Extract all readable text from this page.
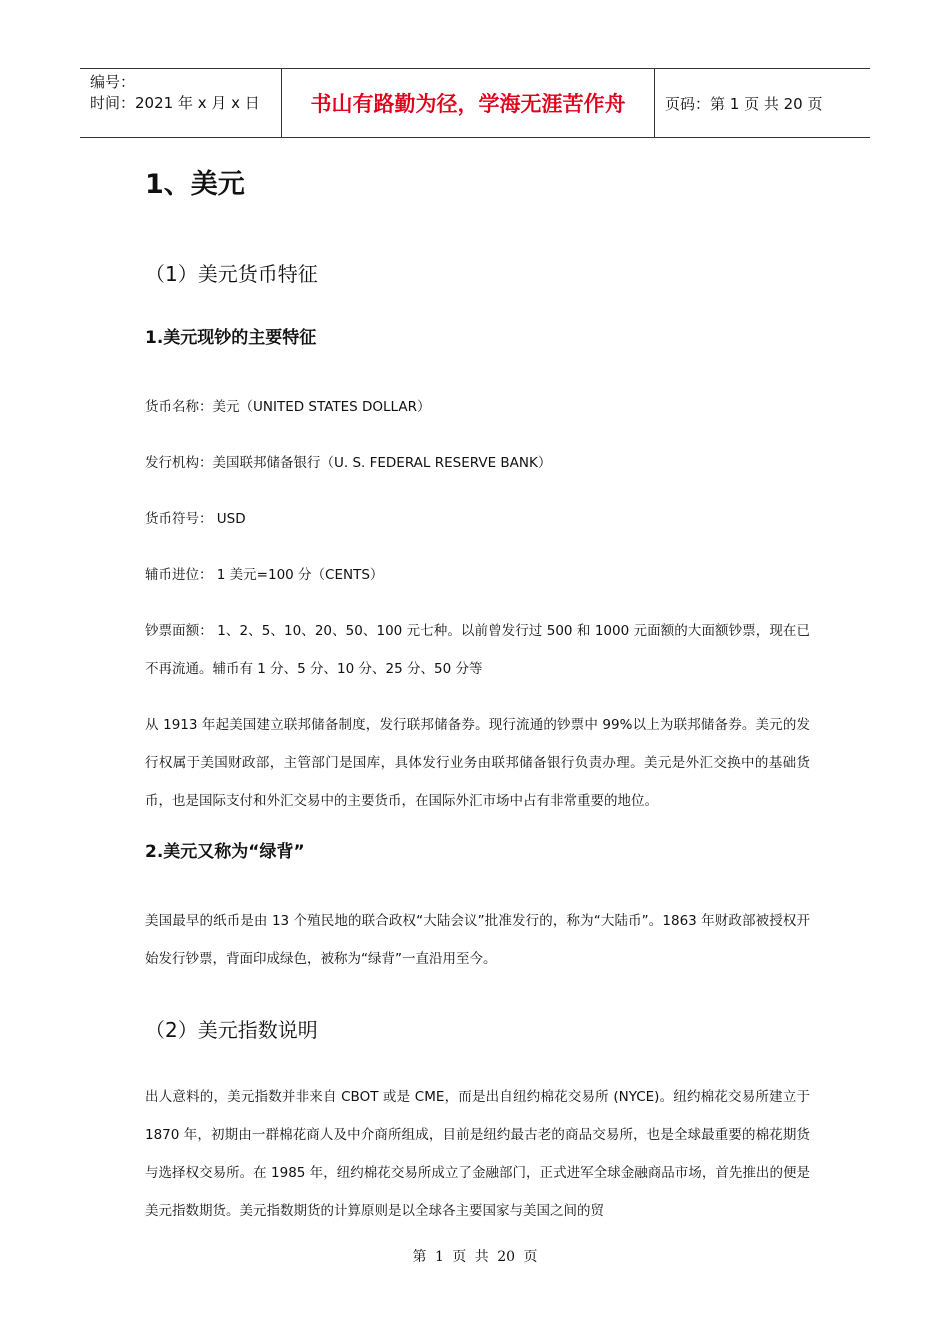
编号：
时间：2021 年 x 月 x 日	书山有路勤为径，学海无涯苦作舟	页码：第 1 页 共 20 页
1、美元
（1）美元货币特征
1.美元现钞的主要特征

货币名称：美元（UNITED STATES DOLLAR）

发行机构：美国联邦储备银行（U. S. FEDERAL RESERVE BANK）

货币符号： USD

辅币进位： 1 美元=100 分（CENTS）

钞票面额： 1、2、5、10、20、50、100 元七种。以前曾发行过 500 和 1000 元面额的大面额钞票，现在已不再流通。辅币有 1 分、5 分、10 分、25 分、50 分等

从 1913 年起美国建立联邦储备制度，发行联邦储备券。现行流通的钞票中 99%以上为联邦储备券。美元的发行权属于美国财政部，主管部门是国库，具体发行业务由联邦储备银行负责办理。美元是外汇交换中的基础货币，也是国际支付和外汇交易中的主要货币，在国际外汇市场中占有非常重要的地位。

2.美元又称为“绿背”

美国最早的纸币是由 13 个殖民地的联合政权“大陆会议”批准发行的，称为“大陆币”。1863 年财政部被授权开始发行钞票，背面印成绿色，被称为“绿背”一直沿用至今。

（2）美元指数说明

出人意料的，美元指数并非来自 CBOT 或是 CME，而是出自纽约棉花交易所 (NYCE)。纽约棉花交易所建立于 1870 年，初期由一群棉花商人及中介商所组成，目前是纽约最古老的商品交易所，也是全球最重要的棉花期货与选择权交易所。在 1985 年，纽约棉花交易所成立了金融部门，正式进军全球金融商品市场，首先推出的便是美元指数期货。美元指数期货的计算原则是以全球各主要国家与美国之间的贸

第 1 页 共 20 页
